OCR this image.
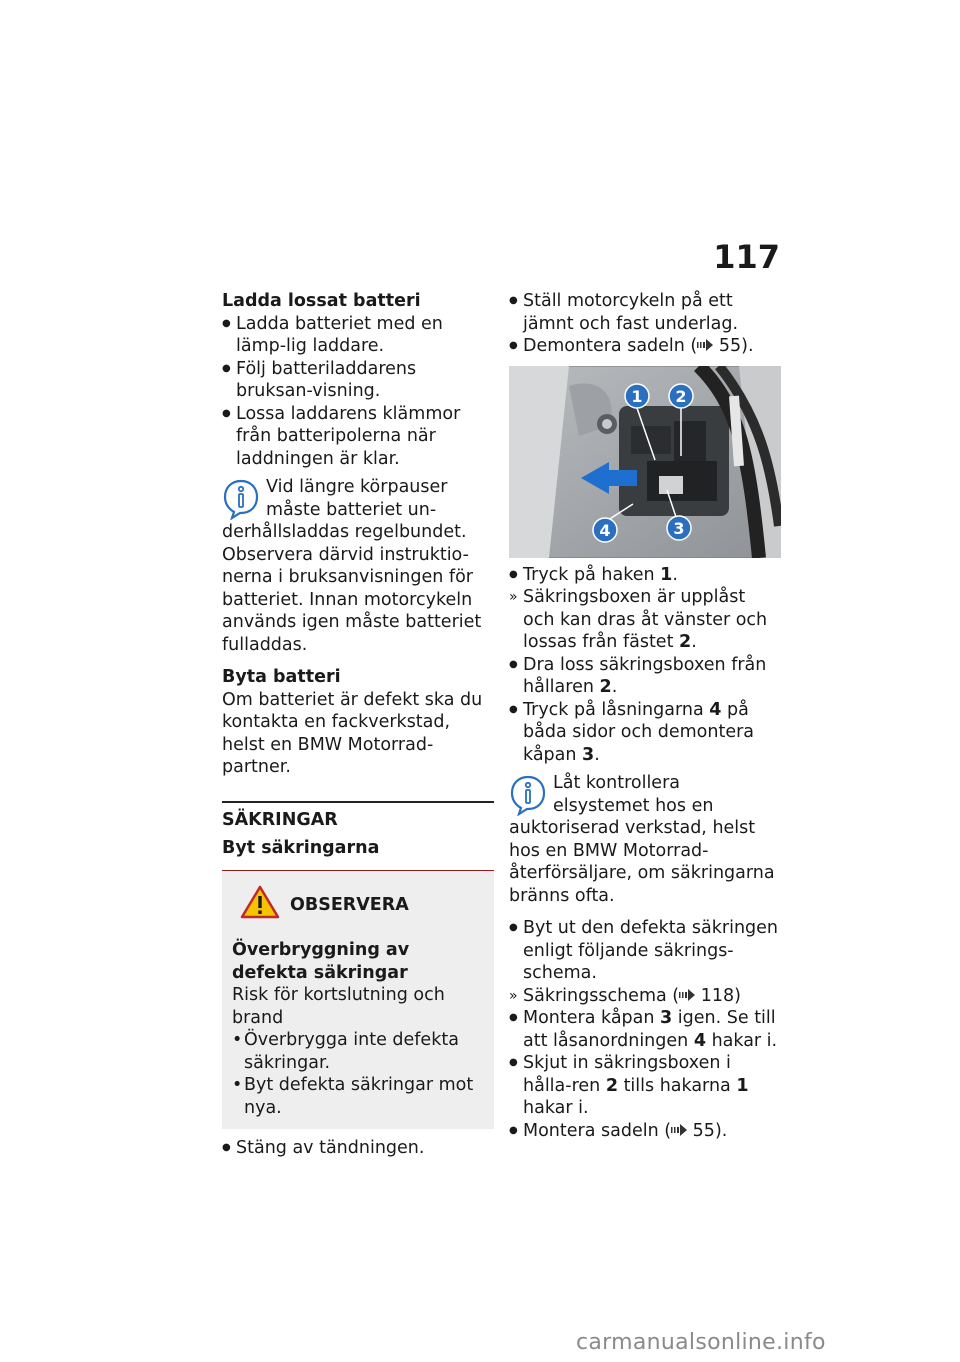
117

Ladda lossat batteri

● Ladda batteriet med en lämp-lig laddare.

● Följ batteriladdarens bruksan-visning.

● Lossa laddarens klämmor från batteripolerna när laddningen är klar.

Vid längre körpauser måste batteriet un-derhållsladdas regelbundet. Observera därvid instruktio-nerna i bruksanvisningen för batteriet. Innan motorcykeln används igen måste batteriet fulladdas.

Byta batteri

Om batteriet är defekt ska du kontakta en fackverkstad, helst en BMW Motorrad-partner.

SÄKRINGAR

Byt säkringarna

OBSERVERA

Överbryggning av defekta säkringar

Risk för kortslutning och brand

• Överbrygga inte defekta säkringar.

• Byt defekta säkringar mot nya.

● Stäng av tändningen.

● Ställ motorcykeln på ett jämnt och fast underlag.

● Demontera sadeln ( 55).

1 2
3
4

● Tryck på haken 1.

» Säkringsboxen är upplåst och kan dras åt vänster och lossas från fästet 2.

● Dra loss säkringsboxen från hållaren 2.

● Tryck på låsningarna 4 på båda sidor och demontera kåpan 3.

Låt kontrollera elsystemet hos en auktoriserad verkstad, helst hos en BMW Motorrad-återförsäljare, om säkringarna bränns ofta.

● Byt ut den defekta säkringen enligt följande säkrings-schema.

» Säkringsschema ( 118)

● Montera kåpan 3 igen. Se till att låsanordningen 4 hakar i.

● Skjut in säkringsboxen i hålla-ren 2 tills hakarna 1 hakar i.

● Montera sadeln ( 55).

carmanualsonline.info
